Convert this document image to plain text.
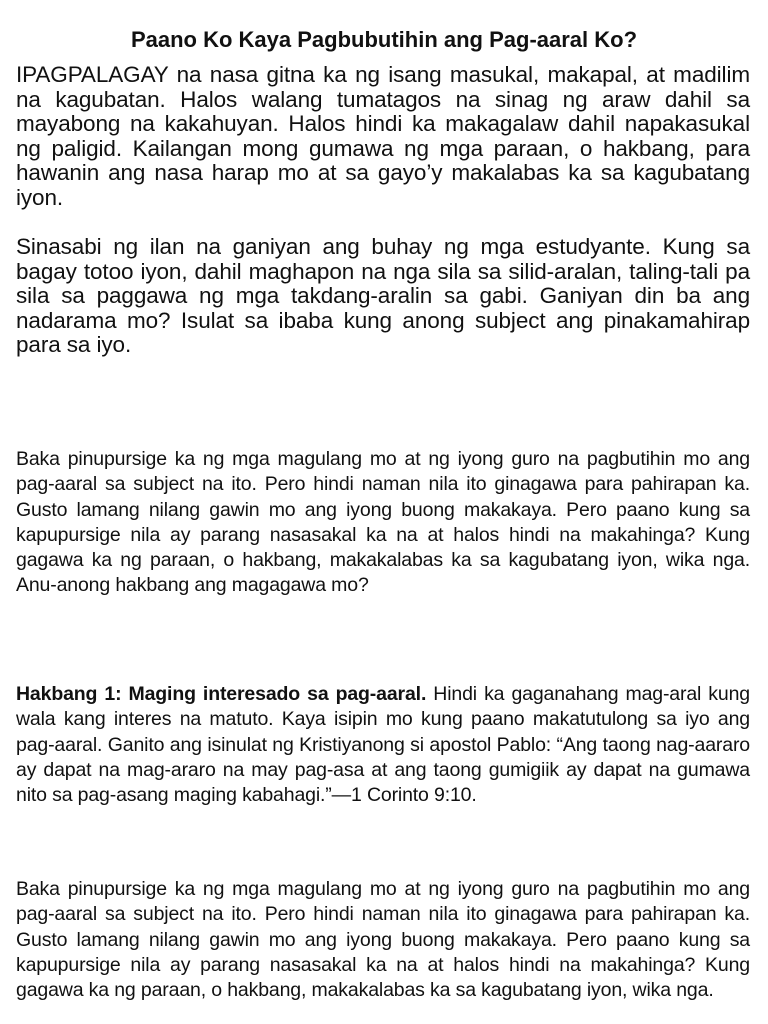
Paano Ko Kaya Pagbubutihin ang Pag-aaral Ko?

IPAGPALAGAY na nasa gitna ka ng isang masukal, makapal, at madilim na kagubatan. Halos walang tumatagos na sinag ng araw dahil sa mayabong na kakahuyan. Halos hindi ka makagalaw dahil napakasukal ng paligid. Kailangan mong gumawa ng mga paraan, o hakbang, para hawanin ang nasa harap mo at sa gayo’y makalabas ka sa kagubatang iyon.

Sinasabi ng ilan na ganiyan ang buhay ng mga estudyante. Kung sa bagay totoo iyon, dahil maghapon na nga sila sa silid-aralan, taling-tali pa sila sa paggawa ng mga takdang-aralin sa gabi. Ganiyan din ba ang nadarama mo? Isulat sa ibaba kung anong subject ang pinakamahirap para sa iyo.

Baka pinupursige ka ng mga magulang mo at ng iyong guro na pagbutihin mo ang pag-aaral sa subject na ito. Pero hindi naman nila ito ginagawa para pahirapan ka. Gusto lamang nilang gawin mo ang iyong buong makakaya. Pero paano kung sa kapupursige nila ay parang nasasakal ka na at halos hindi na makahinga? Kung gagawa ka ng paraan, o hakbang, makakalabas ka sa kagubatang iyon, wika nga. Anu-anong hakbang ang magagawa mo?

Hakbang 1: Maging interesado sa pag-aaral. Hindi ka gaganahang mag-aral kung wala kang interes na matuto. Kaya isipin mo kung paano makatutulong sa iyo ang pag-aaral. Ganito ang isinulat ng Kristiyanong si apostol Pablo: “Ang taong nag-aararo ay dapat na mag-araro na may pag-asa at ang taong gumigiik ay dapat na gumawa nito sa pag-asang maging kabahagi.”—1 Corinto 9:10.

Baka pinupursige ka ng mga magulang mo at ng iyong guro na pagbutihin mo ang pag-aaral sa subject na ito. Pero hindi naman nila ito ginagawa para pahirapan ka. Gusto lamang nilang gawin mo ang iyong buong makakaya. Pero paano kung sa kapupursige nila ay parang nasasakal ka na at halos hindi na makahinga? Kung gagawa ka ng paraan, o hakbang, makakalabas ka sa kagubatang iyon, wika nga.
